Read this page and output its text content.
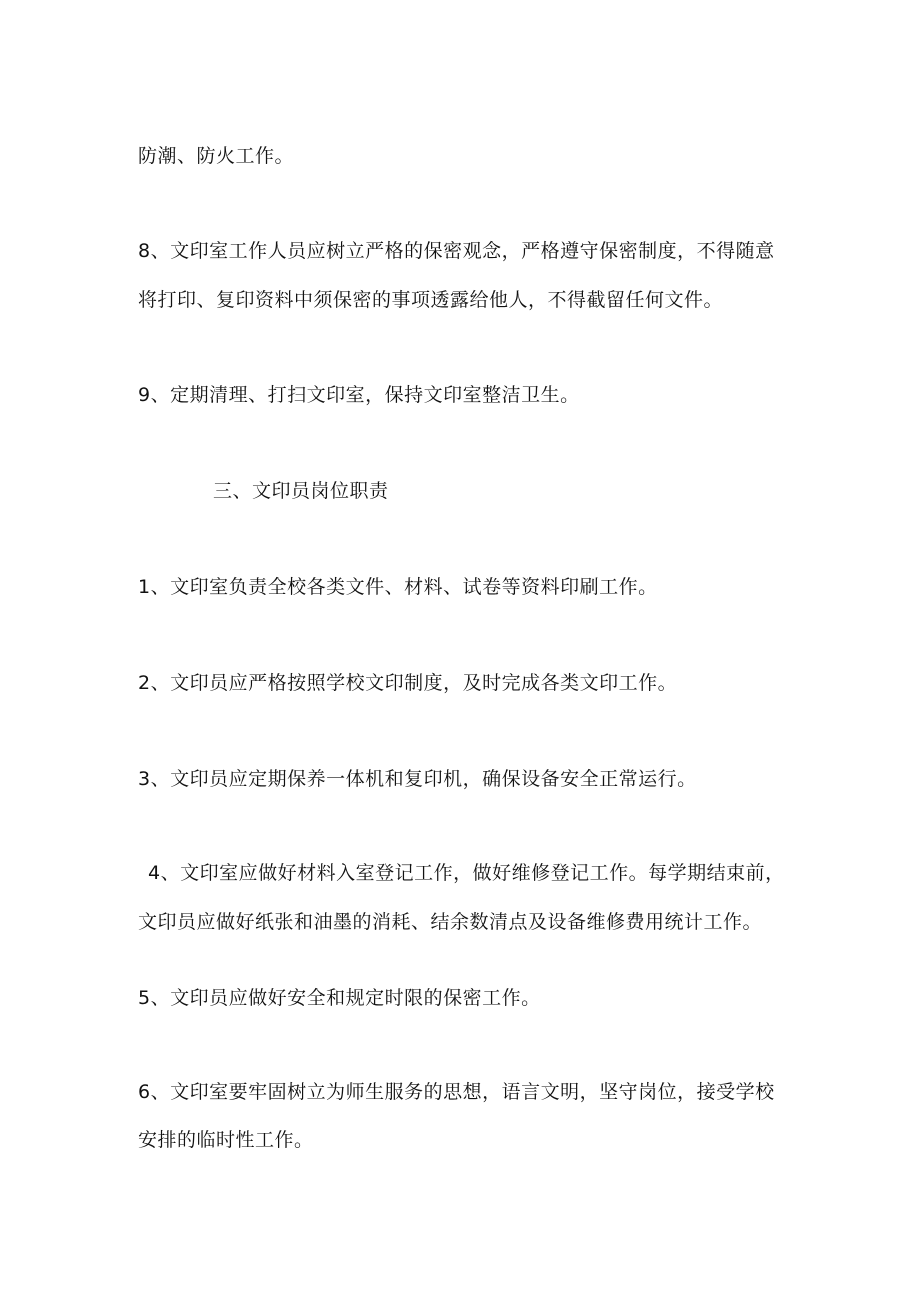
防潮、防火工作。
8、文印室工作人员应树立严格的保密观念，严格遵守保密制度，不得随意
将打印、复印资料中须保密的事项透露给他人，不得截留任何文件。
9、定期清理、打扫文印室，保持文印室整洁卫生。
三、文印员岗位职责
1、文印室负责全校各类文件、材料、试卷等资料印刷工作。
2、文印员应严格按照学校文印制度，及时完成各类文印工作。
3、文印员应定期保养一体机和复印机，确保设备安全正常运行。
4、文印室应做好材料入室登记工作，做好维修登记工作。每学期结束前，
文印员应做好纸张和油墨的消耗、结余数清点及设备维修费用统计工作。
5、文印员应做好安全和规定时限的保密工作。
6、文印室要牢固树立为师生服务的思想，语言文明，坚守岗位，接受学校
安排的临时性工作。
